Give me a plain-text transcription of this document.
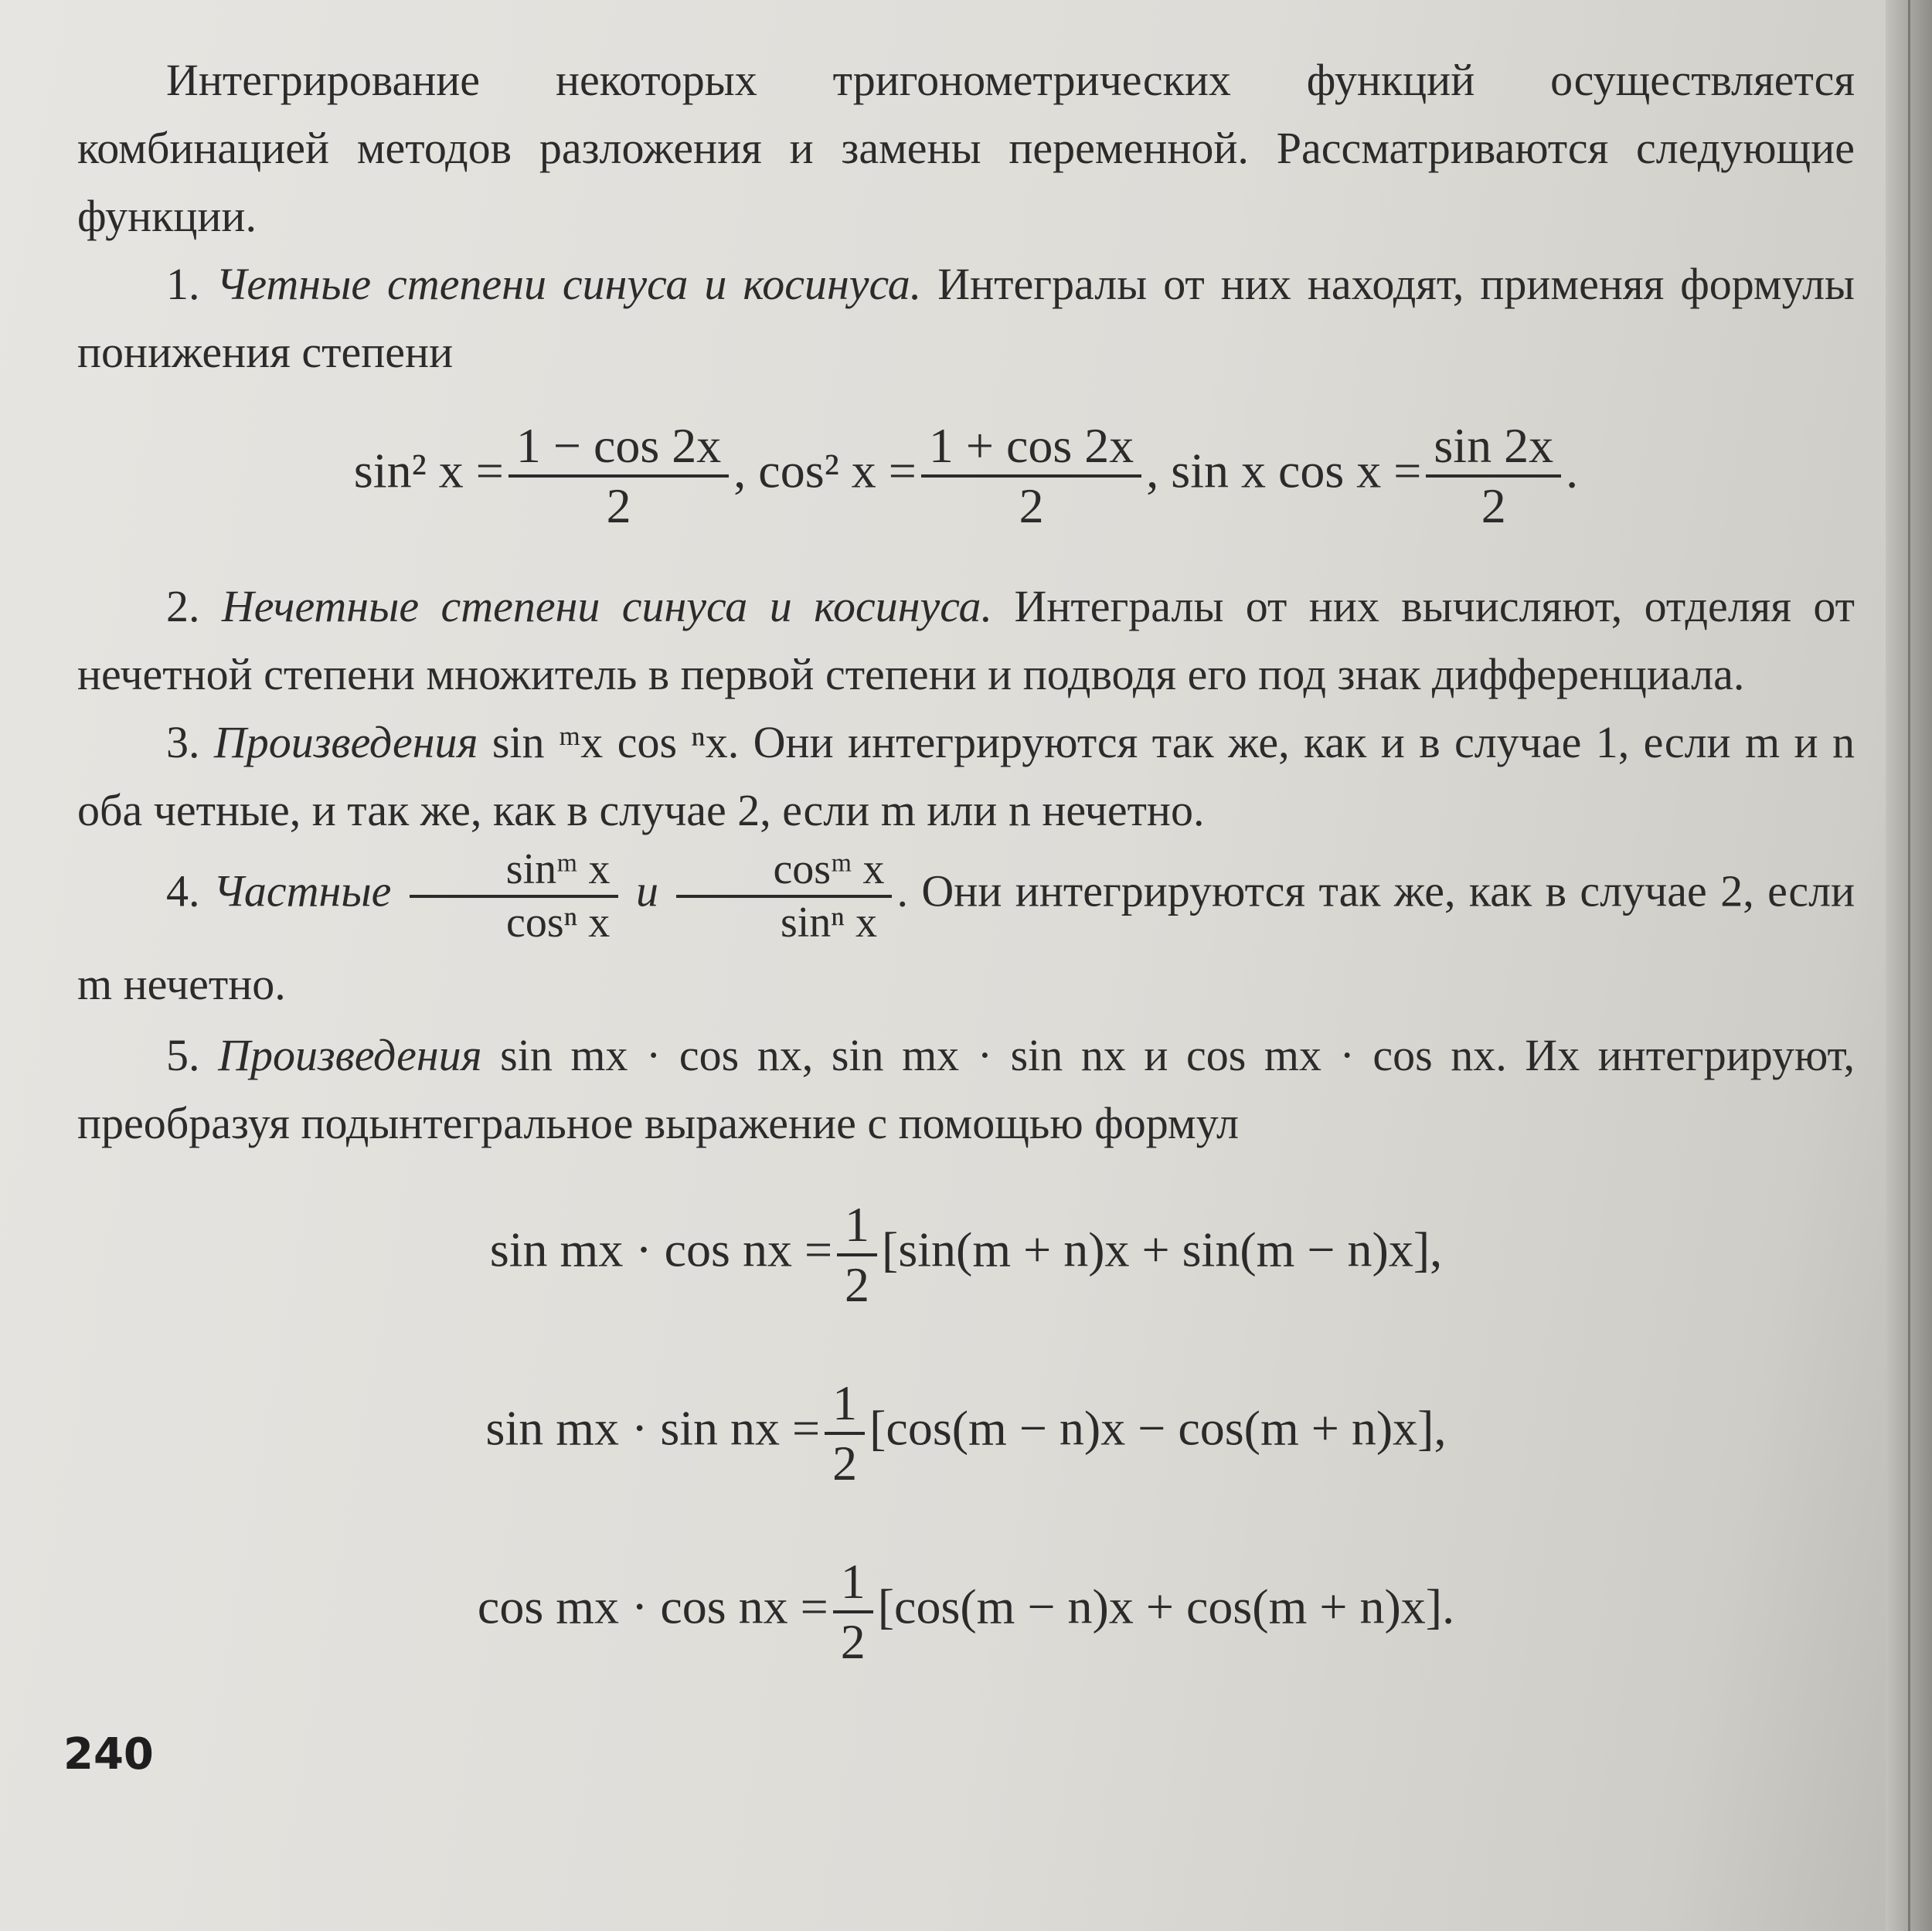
Интегрирование некоторых тригонометрических функций осуществляется комбинацией методов разложения и замены переменной. Рассматриваются следующие функции.

1. Четные степени синуса и косинуса. Интегралы от них находят, применяя формулы понижения степени

sin² $x = \frac{1 - \cos 2x}{2}$ , cos² $x = \frac{1 + \cos 2x}{2}$ , sin x $\cos x = \frac{\sin 2x}{2}$ .

2. Нечетные степени синуса и косинуса. Интегралы от них вычисляют, отделяя от нечетной степени множитель в первой степени и подводя его под знак дифференциала.

3. Произведения sin ᵐx cos ⁿx. Они интегрируются так же, как и в случае 1, если m и n оба четные, и так же, как в случае 2, если m или n нечетно.

4. Частные $\frac{\text{sinᵐ x}}{\text{cosⁿ x}}$ и $\frac{\text{cosᵐ x}}{\text{sinⁿ x}}$ . Они интегрируются так же, как в случае 2, если m нечетно.

5. Произведения sin mx · cos nx, sin mx · sin nx и cos mx · cos nx. Их интегрируют, преобразуя подынтегральное выражение с помощью формул

sin mx · cos nx = $\frac{1}{2} [\sin(m + n)x + \sin(m - n)x]$,
sin mx · sin nx = $\frac{1}{2} [\cos(m - n)x - \cos(m + n)x]$,
cos mx · cos nx = $\frac{1}{2} [\cos(m - n)x + \cos(m + n)x]$.
240
